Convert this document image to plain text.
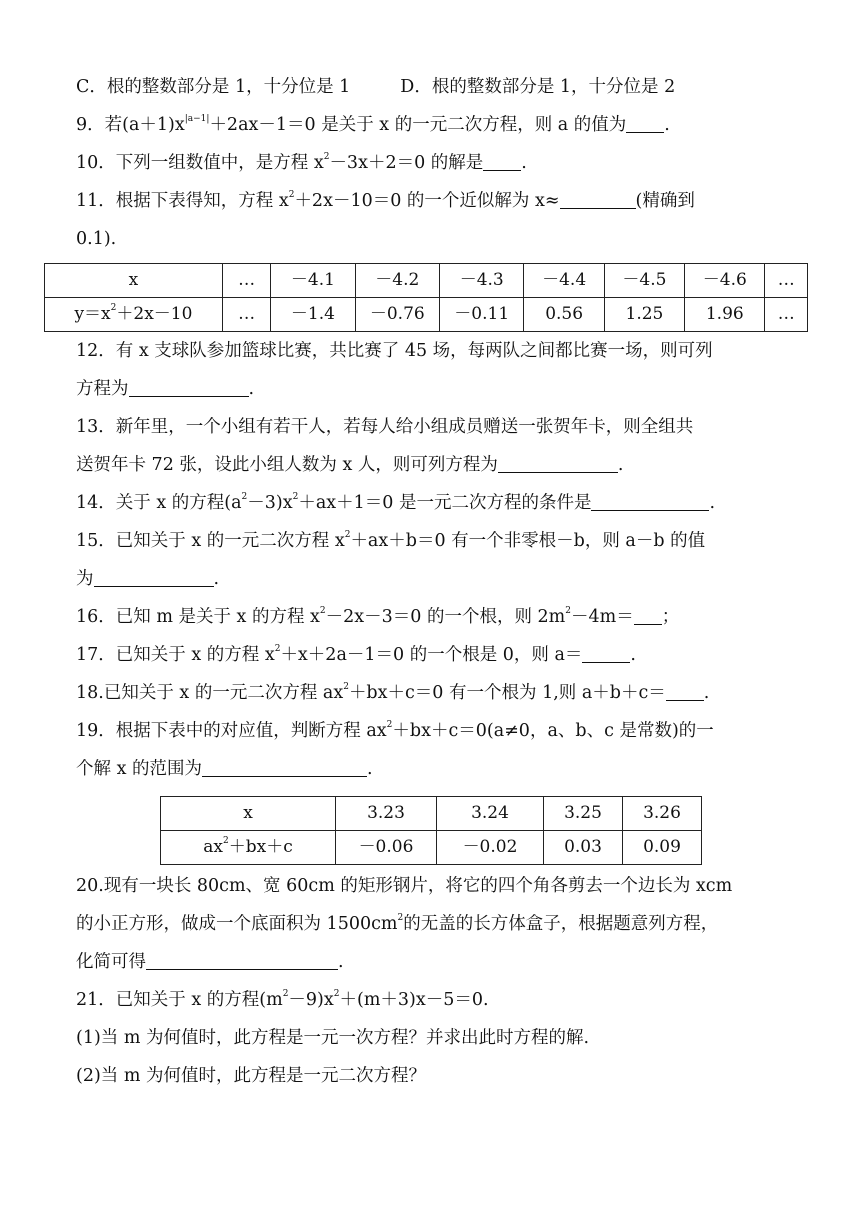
C．根的整数部分是 1，十分位是 1	D．根的整数部分是 1，十分位是 2
9．若$(a+1)x^{|a-1|}+2ax-1=0$ 是关于 x 的一元二次方程，则 a 的值为 .
10．下列一组数值中，是方程 $x^2-3x+2=0$ 的解是 .
11．根据下表得知，方程 $x^2+2x-10=0$ 的一个近似解为 x≈	(精确到
0.1).
x	…	－4.1	－4.2	－4.3	－4.4	－4.5	－4.6	…
$y=x^2+2x-10$	…	－1.4	－0.76	－0.11	0.56	1.25	1.96	…
12．有 x 支球队参加篮球比赛，共比赛了 45 场，每两队之间都比赛一场，则可列
方程为	.
13．新年里，一个小组有若干人，若每人给小组成员赠送一张贺年卡，则全组共
送贺年卡 72 张，设此小组人数为 x 人，则可列方程为	.
14．关于 x 的方程$(a^2-3)x^2+ax+1=0$ 是一元二次方程的条件是	.
15．已知关于 x 的一元二次方程 $x^2+ax+b=0$ 有一个非零根－b，则 a－b 的值
为	.
16．已知 m 是关于 x 的方程 $x^2-2x-3=0$ 的一个根，则 $2m^2-4m=$ ；
17．已知关于 x 的方程 $x^2+x+2a-1=0$ 的一个根是 0，则 a＝	.
18.已知关于 x 的一元二次方程 $ax^2+bx+c=0$ 有一个根为 1,则 a＋b＋c＝ .
19．根据下表中的对应值，判断方程 $ax^2+bx+c=0(a\ne 0$，a、b、c 是常数)的一
个解 x 的范围为	.
x	3.23	3.24	3.25	3.26
$ax^2+bx+c$	－0.06	－0.02	0.03	0.09
20.现有一块长 80cm、宽 60cm 的矩形钢片，将它的四个角各剪去一个边长为 xcm
的小正方形，做成一个底面积为 $1500cm^2$的无盖的长方体盒子，根据题意列方程，
化简可得	.
21．已知关于 x 的方程$(m^2-9)x^2+(m+3)x-5=0$.
(1)当 m 为何值时，此方程是一元一次方程？并求出此时方程的解.
(2)当 m 为何值时，此方程是一元二次方程？
